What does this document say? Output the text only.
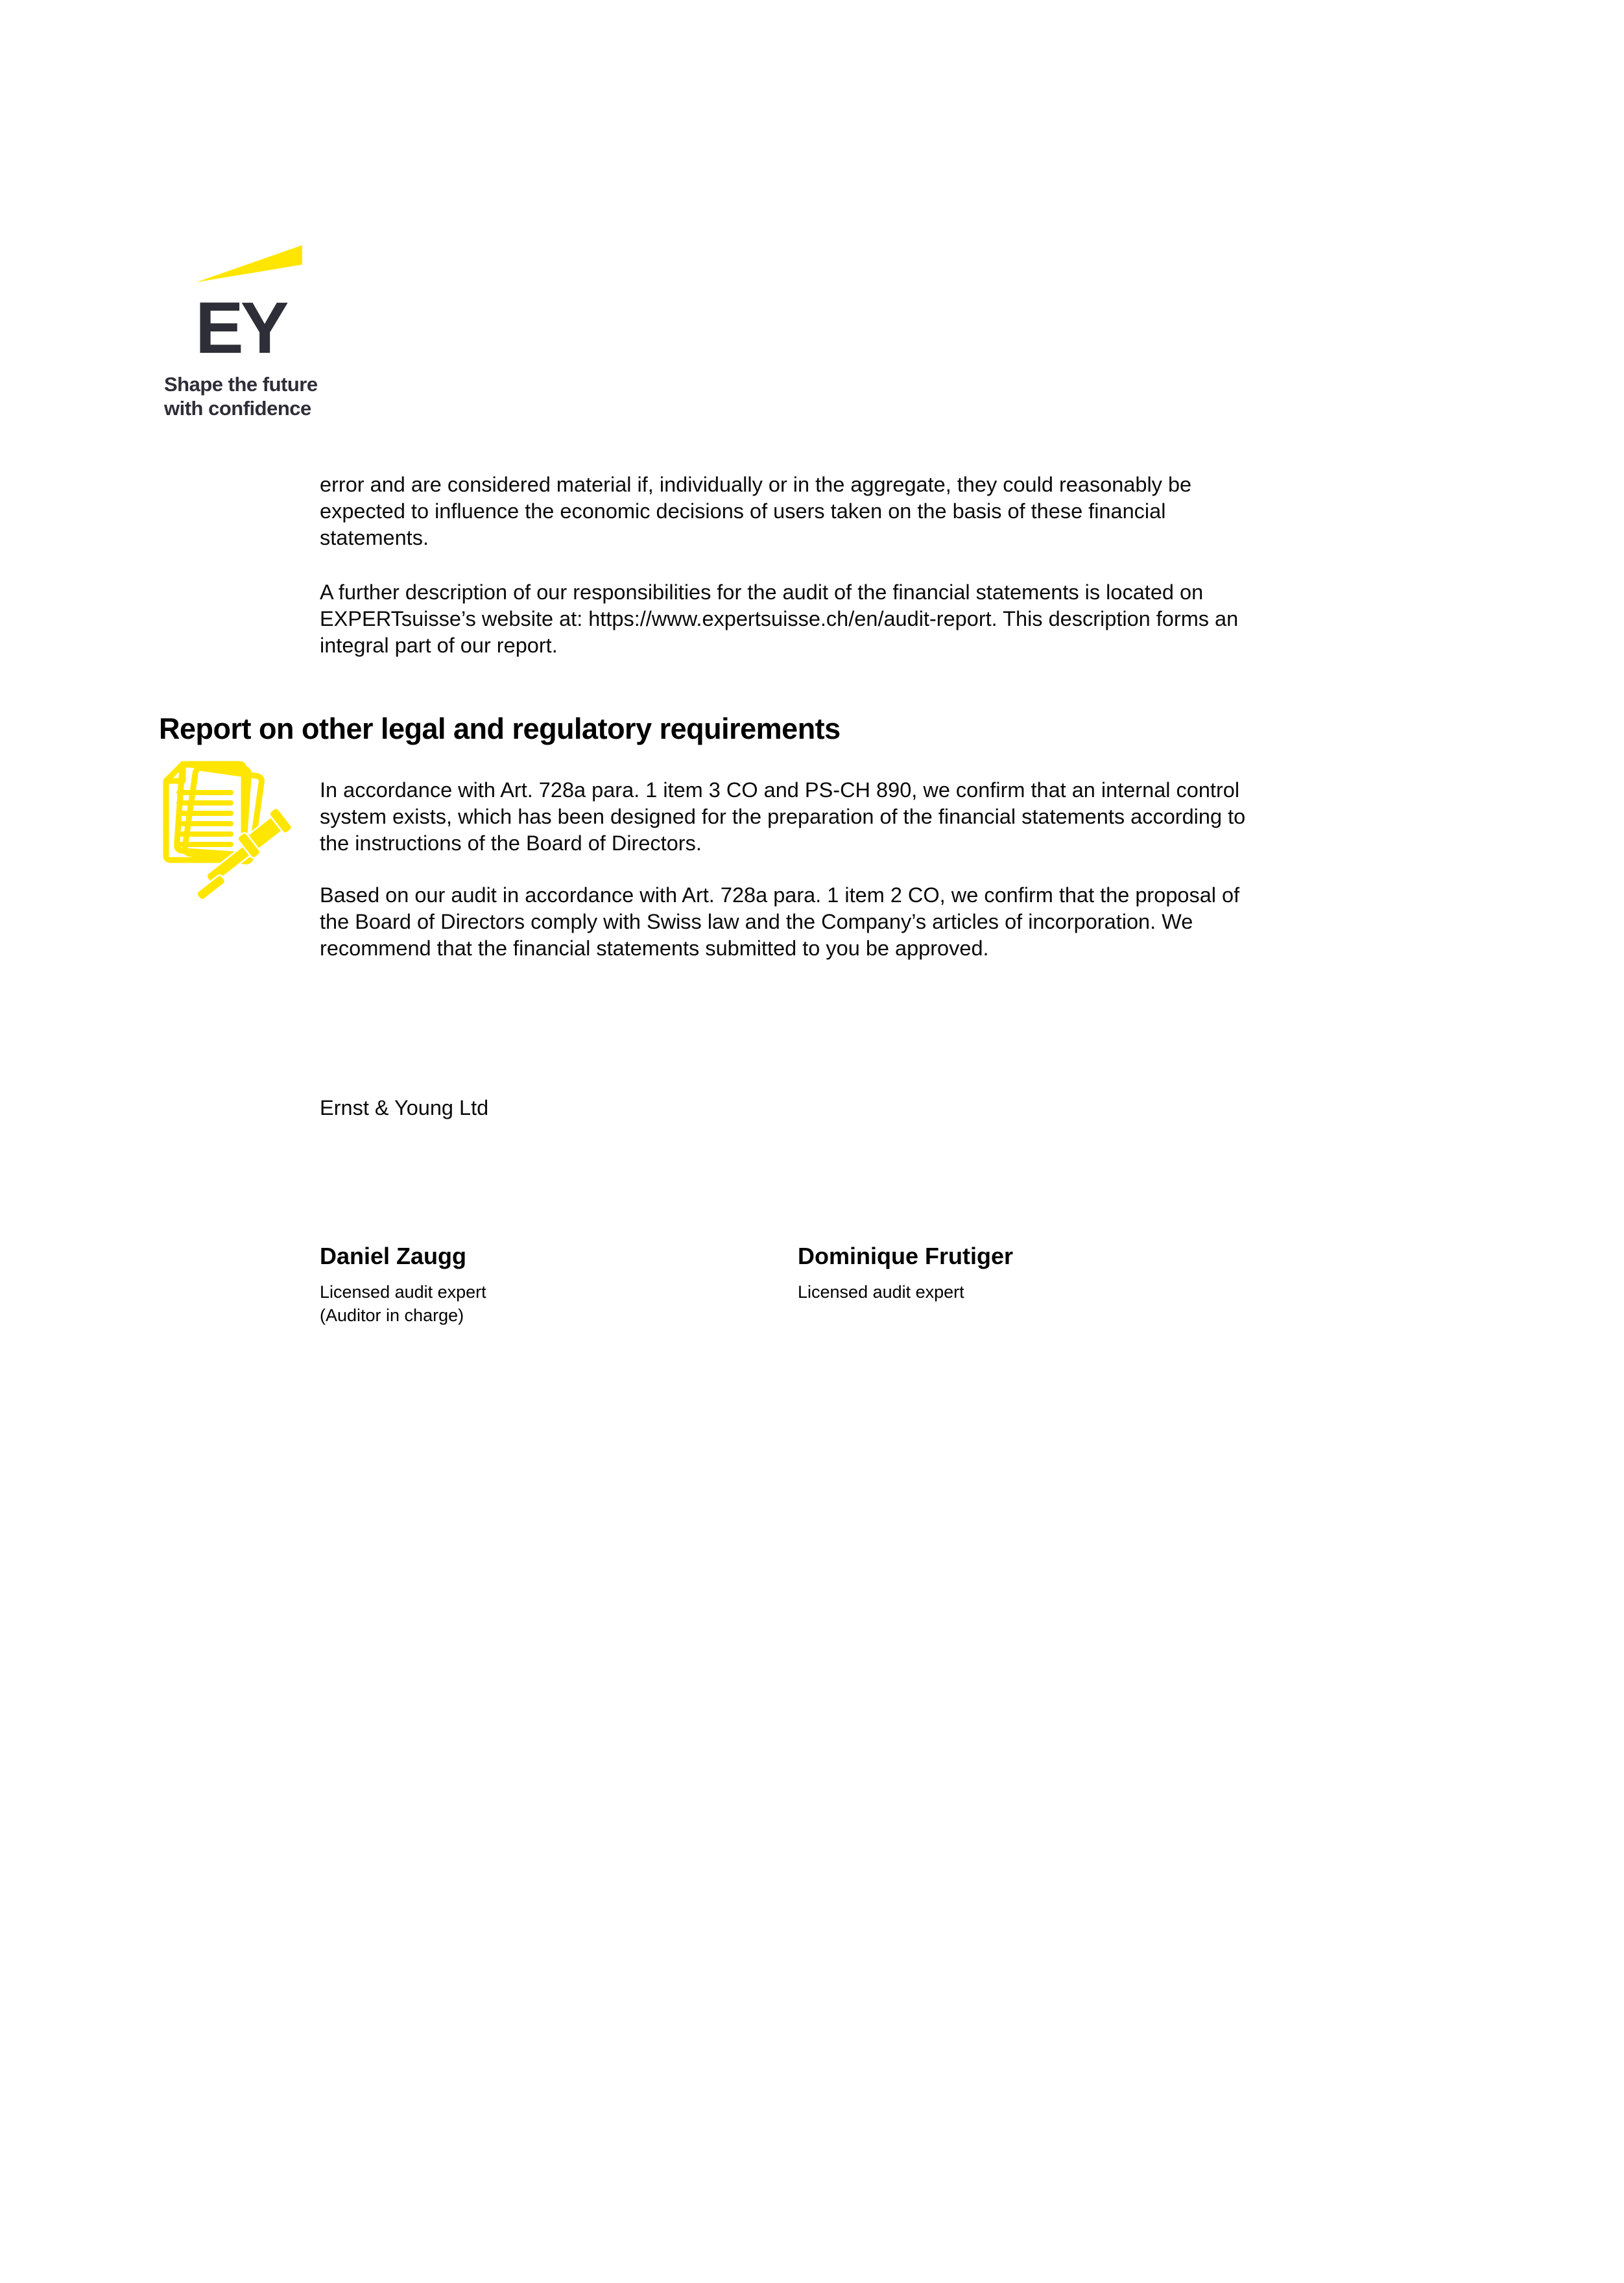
EY
Shape the future
with confidence
error and are considered material if, individually or in the aggregate, they could reasonably be expected to influence the economic decisions of users taken on the basis of these financial statements.
A further description of our responsibilities for the audit of the financial statements is located on EXPERTsuisse’s website at: https://www.expertsuisse.ch/en/audit-report. This description forms an integral part of our report.
Report on other legal and regulatory requirements
In accordance with Art. 728a para. 1 item 3 CO and PS-CH 890, we confirm that an internal control system exists, which has been designed for the preparation of the financial statements according to the instructions of the Board of Directors.
Based on our audit in accordance with Art. 728a para. 1 item 2 CO, we confirm that the proposal of the Board of Directors comply with Swiss law and the Company’s articles of incorporation. We recommend that the financial statements submitted to you be approved.
Ernst & Young Ltd
Daniel Zaugg
Licensed audit expert
(Auditor in charge)
Dominique Frutiger
Licensed audit expert
